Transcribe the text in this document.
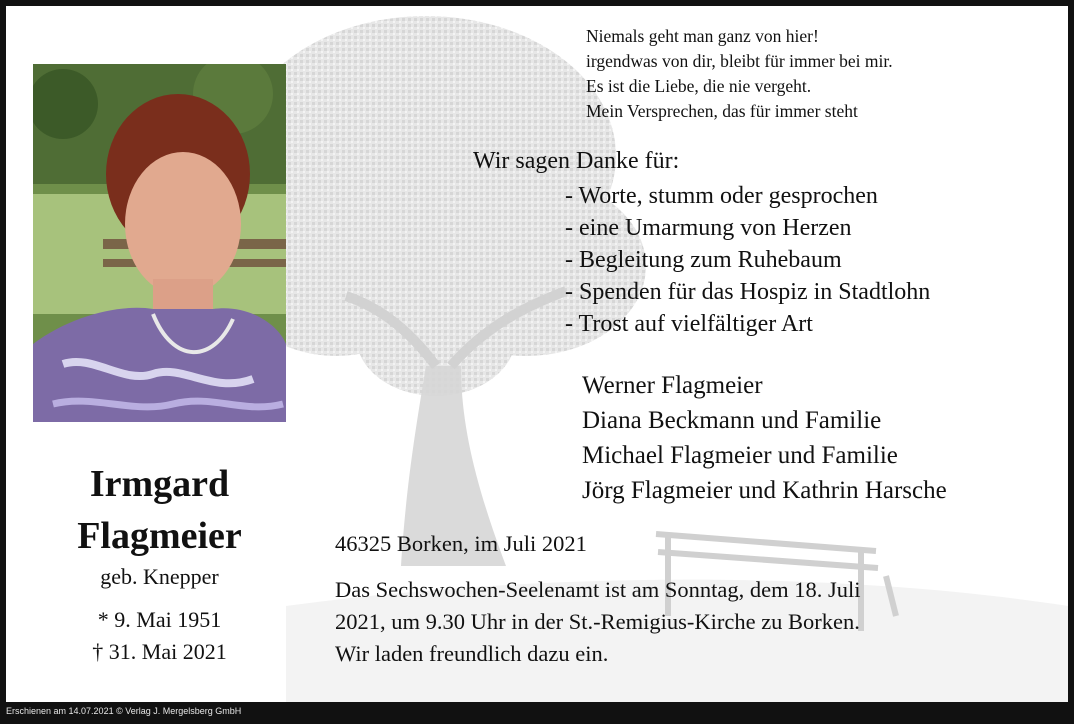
Niemals geht man ganz von hier!
irgendwas von dir, bleibt für immer bei mir.
Es ist die Liebe, die nie vergeht.
Mein Versprechen, das für immer steht
Wir sagen Danke für:
- Worte, stumm oder gesprochen
- eine Umarmung von Herzen
- Begleitung zum Ruhebaum
- Spenden für das Hospiz in Stadtlohn
- Trost auf vielfältiger Art
Werner Flagmeier
Diana Beckmann und Familie
Michael Flagmeier und Familie
Jörg Flagmeier und Kathrin Harsche
Irmgard
Flagmeier
geb. Knepper
* 9. Mai 1951
† 31. Mai 2021
46325 Borken, im Juli 2021
Das Sechswochen-Seelenamt ist am Sonntag, dem 18. Juli
2021, um 9.30 Uhr in der St.-Remigius-Kirche zu Borken.
Wir laden freundlich dazu ein.
Erschienen am 14.07.2021 © Verlag J. Mergelsberg GmbH
